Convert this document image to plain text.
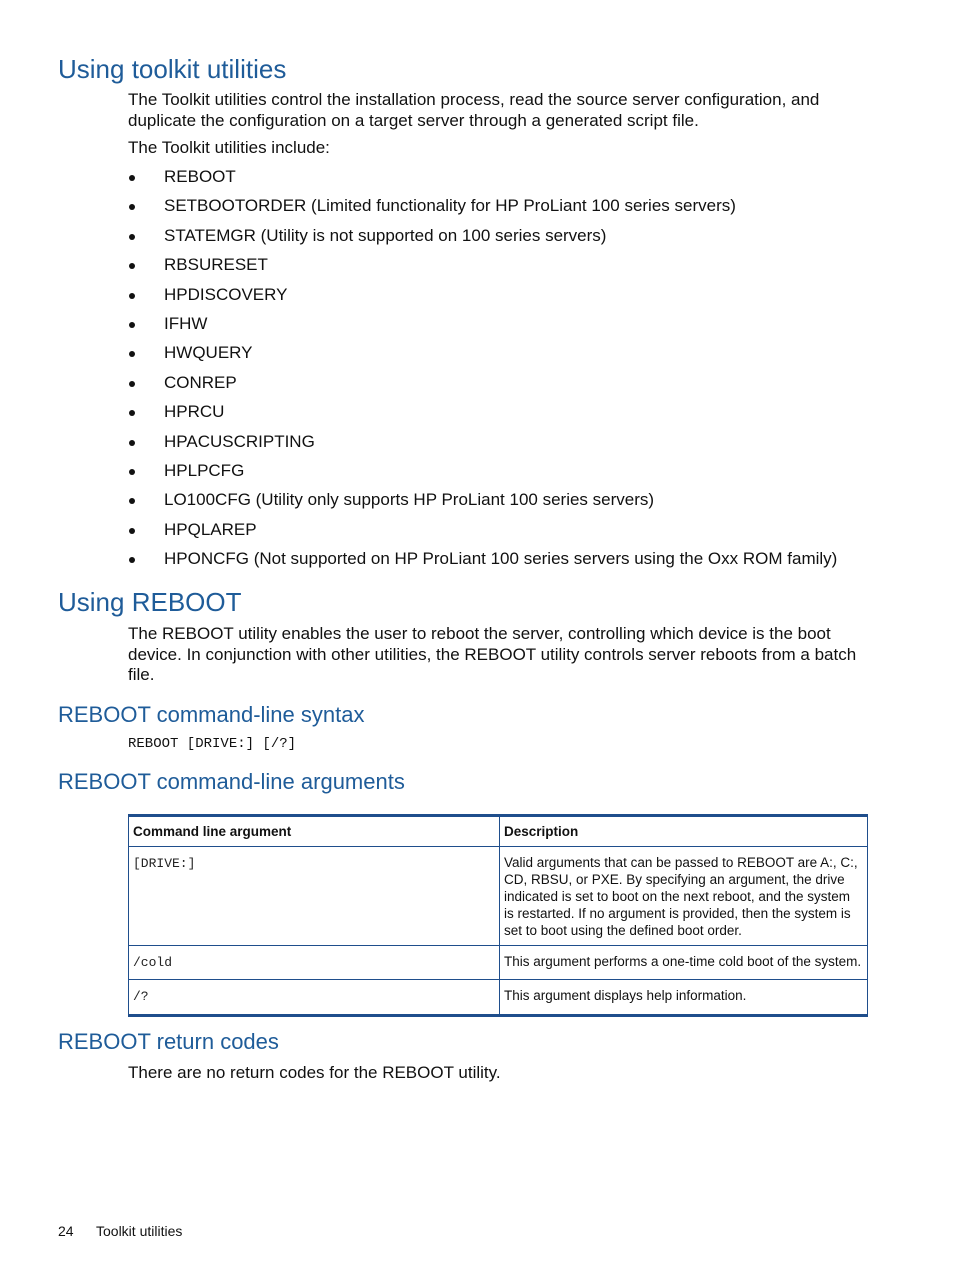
Using toolkit utilities

The Toolkit utilities control the installation process, read the source server configuration, and duplicate the configuration on a target server through a generated script file.

The Toolkit utilities include:

REBOOT
SETBOOTORDER (Limited functionality for HP ProLiant 100 series servers)
STATEMGR (Utility is not supported on 100 series servers)
RBSURESET
HPDISCOVERY
IFHW
HWQUERY
CONREP
HPRCU
HPACUSCRIPTING
HPLPCFG
LO100CFG (Utility only supports HP ProLiant 100 series servers)
HPQLAREP
HPONCFG (Not supported on HP ProLiant 100 series servers using the Oxx ROM family)
Using REBOOT

The REBOOT utility enables the user to reboot the server, controlling which device is the boot device. In conjunction with other utilities, the REBOOT utility controls server reboots from a batch file.

REBOOT command-line syntax
REBOOT [DRIVE:] [/?]
REBOOT command-line arguments
Command line argument	Description
[DRIVE:]	Valid arguments that can be passed to REBOOT are A:, C:, CD, RBSU, or PXE. By specifying an argument, the drive indicated is set to boot on the next reboot, and the system is restarted. If no argument is provided, then the system is set to boot using the defined boot order.
/cold	This argument performs a one-time cold boot of the system.
/?	This argument displays help information.
REBOOT return codes

There are no return codes for the REBOOT utility.

24 Toolkit utilities
